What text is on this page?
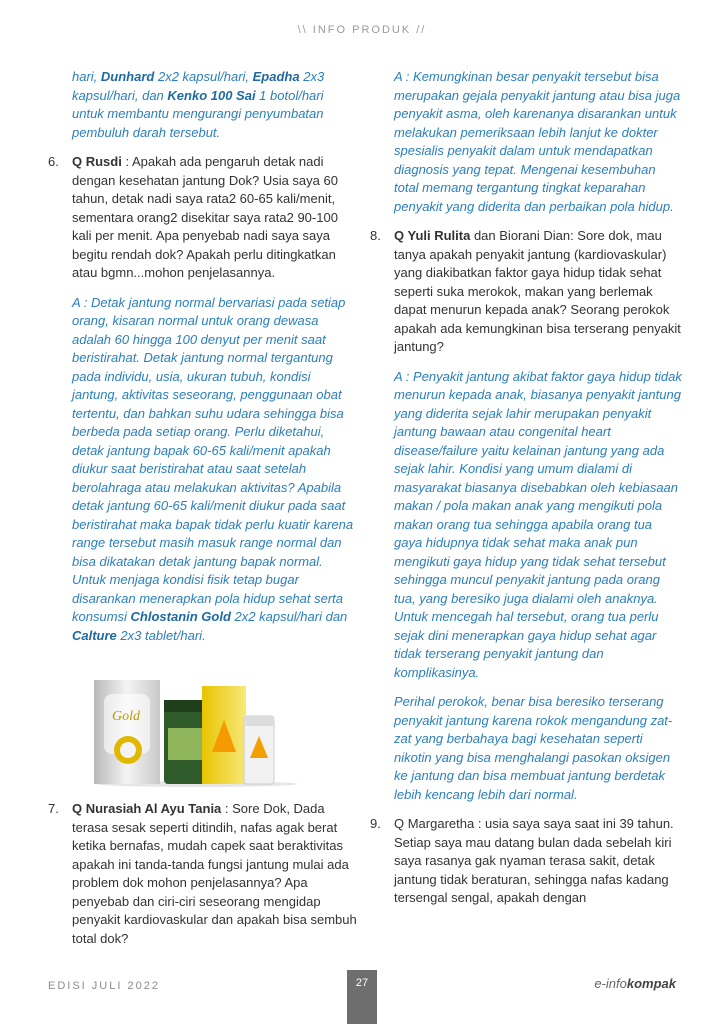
\\ INFO PRODUK //

hari, Dunhard 2x2 kapsul/hari, Epadha 2x3 kapsul/hari, dan Kenko 100 Sai 1 botol/hari untuk membantu mengurangi penyumbatan pembuluh darah tersebut.

6. Q Rusdi : Apakah ada pengaruh detak nadi dengan kesehatan jantung Dok? Usia saya 60 tahun, detak nadi saya rata2 60-65 kali/menit, sementara orang2 disekitar saya rata2 90-100 kali per menit. Apa penyebab nadi saya saya begitu rendah dok? Apakah perlu ditingkatkan atau bgmn...mohon penjelasannya.

A : Detak jantung normal bervariasi pada setiap orang, kisaran normal untuk orang dewasa adalah 60 hingga 100 denyut per menit saat beristirahat. Detak jantung normal tergantung pada individu, usia, ukuran tubuh, kondisi jantung, aktivitas seseorang, penggunaan obat tertentu, dan bahkan suhu udara sehingga bisa berbeda pada setiap orang. Perlu diketahui, detak jantung bapak 60-65 kali/menit apakah diukur saat beristirahat atau saat setelah berolahraga atau melakukan aktivitas? Apabila detak jantung 60-65 kali/menit diukur pada saat beristirahat maka bapak tidak perlu kuatir karena range tersebut masih masuk range normal dan bisa dikatakan detak jantung bapak normal. Untuk menjaga kondisi fisik tetap bugar disarankan menerapkan pola hidup sehat serta konsumsi Chlostanin Gold 2x2 kapsul/hari dan Calture 2x3 tablet/hari.

Gold

7. Q Nurasiah Al Ayu Tania : Sore Dok, Dada terasa sesak seperti ditindih, nafas agak berat ketika bernafas, mudah capek saat beraktivitas apakah ini tanda-tanda fungsi jantung mulai ada problem dok mohon penjelasannya? Apa penyebab dan ciri-ciri seseorang mengidap penyakit kardiovaskular dan apakah bisa sembuh total dok?

A : Kemungkinan besar penyakit tersebut bisa merupakan gejala penyakit jantung atau bisa juga penyakit asma, oleh karenanya disarankan untuk melakukan pemeriksaan lebih lanjut ke dokter spesialis penyakit dalam untuk mendapatkan diagnosis yang tepat. Mengenai kesembuhan total memang tergantung tingkat keparahan penyakit yang diderita dan perbaikan pola hidup.

8. Q Yuli Rulita dan Biorani Dian: Sore dok, mau tanya apakah penyakit jantung (kardiovaskular) yang diakibatkan faktor gaya hidup tidak sehat seperti suka merokok, makan yang berlemak dapat menurun kepada anak? Seorang perokok apakah ada kemungkinan bisa terserang penyakit jantung?

A : Penyakit jantung akibat faktor gaya hidup tidak menurun kepada anak, biasanya penyakit jantung yang diderita sejak lahir merupakan penyakit jantung bawaan atau congenital heart disease/failure yaitu kelainan jantung yang ada sejak lahir. Kondisi yang umum dialami di masyarakat biasanya disebabkan oleh kebiasaan makan / pola makan anak yang mengikuti pola makan orang tua sehingga apabila orang tua gaya hidupnya tidak sehat maka anak pun mengikuti gaya hidup yang tidak sehat tersebut sehingga muncul penyakit jantung pada orang tua, yang beresiko juga dialami oleh anaknya. Untuk mencegah hal tersebut, orang tua perlu sejak dini menerapkan gaya hidup sehat agar tidak terserang penyakit jantung dan komplikasinya.

Perihal perokok, benar bisa beresiko terserang penyakit jantung karena rokok mengandung zat-zat yang berbahaya bagi kesehatan seperti nikotin yang bisa menghalangi pasokan oksigen ke jantung dan bisa membuat jantung berdetak lebih kencang lebih dari normal.

9. Q Margaretha : usia saya saya saat ini 39 tahun. Setiap saya mau datang bulan dada sebelah kiri saya rasanya gak nyaman terasa sakit, detak jantung tidak beraturan, sehingga nafas kadang tersengal sengal, apakah dengan

EDISI JULI 2022	27	e-infokompak
